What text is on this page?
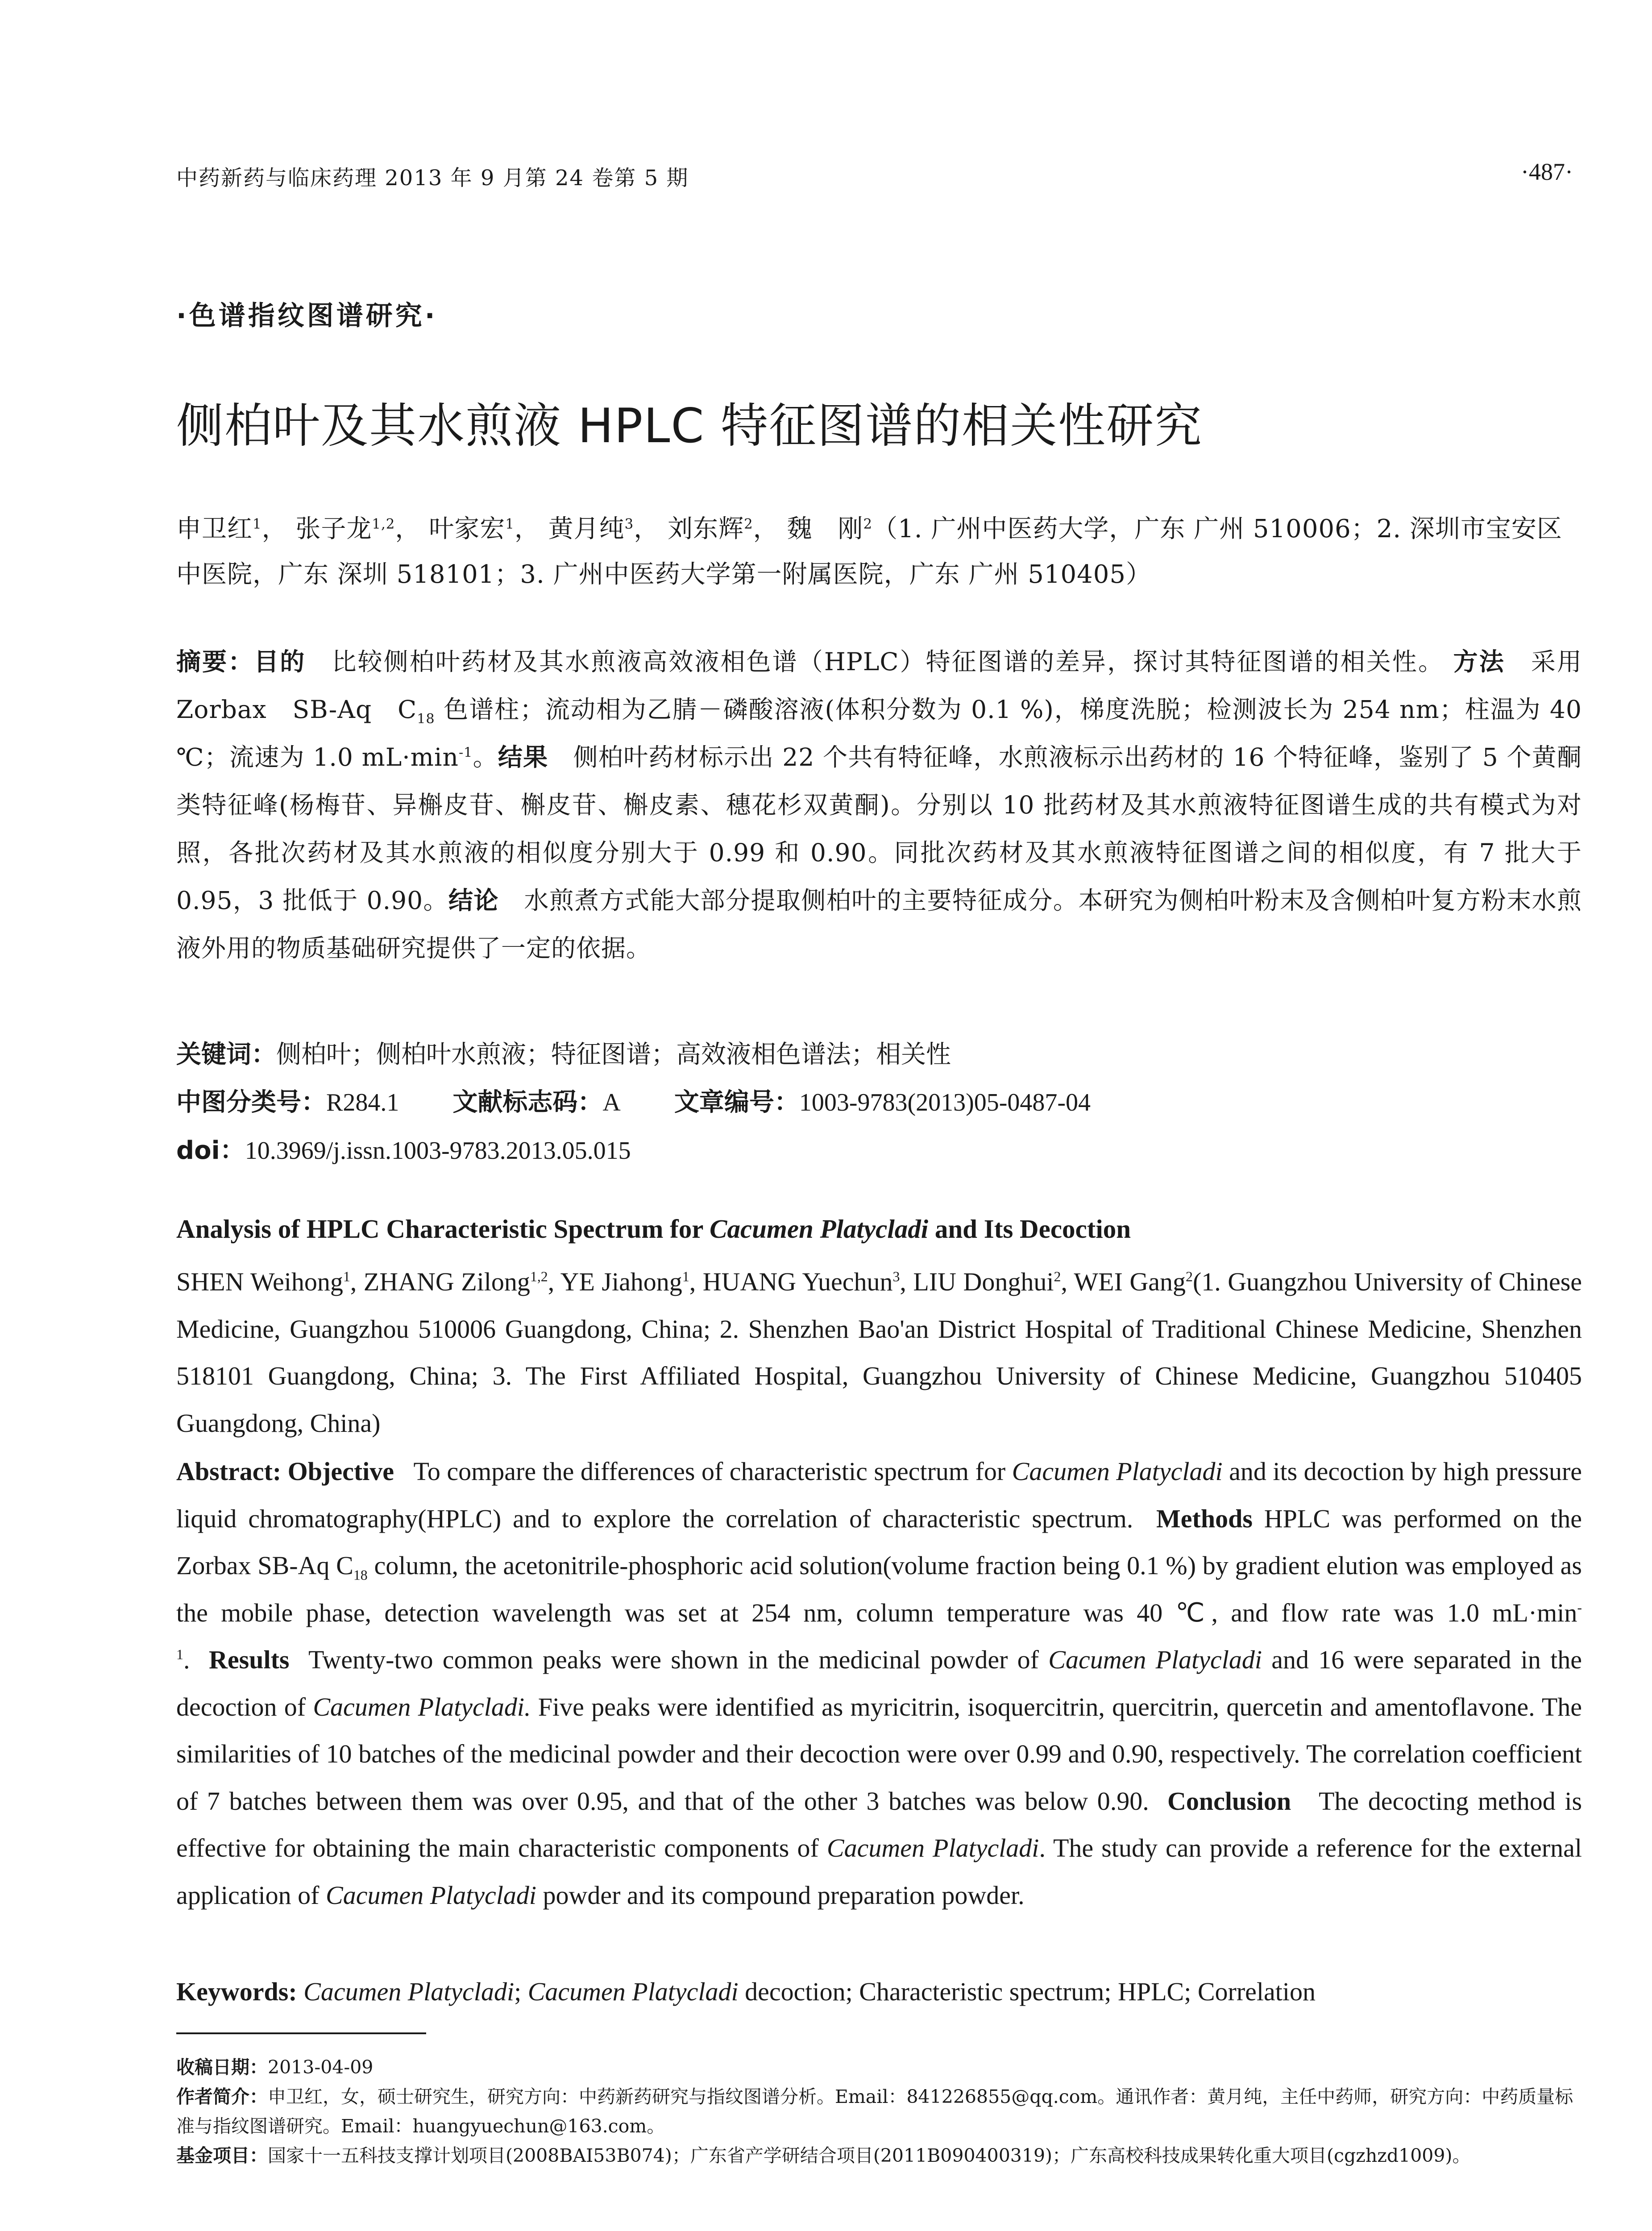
中药新药与临床药理 2013 年 9 月第 24 卷第 5 期	·487·
·色谱指纹图谱研究·
侧柏叶及其水煎液 HPLC 特征图谱的相关性研究
申卫红$^1$， 张子龙$^{1,2}$， 叶家宏$^1$， 黄月纯$^3$， 刘东辉$^2$， 魏　刚$^2$（1. 广州中医药大学，广东 广州 510006；2. 深圳市宝安区中医院，广东 深圳 518101；3. 广州中医药大学第一附属医院，广东 广州 510405）
摘要：目的　 比较侧柏叶药材及其水煎液高效液相色谱（HPLC）特征图谱的差异，探讨其特征图谱的相关性。 方法　 采用 Zorbax　SB-Aq　$C_{18}$ 色谱柱；流动相为乙腈－磷酸溶液(体积分数为 0.1 %)，梯度洗脱；检测波长为 254 nm；柱温为 40 ℃；流速为 1.0 $mL\cdot\min^{-1}$。结果　 侧柏叶药材标示出 22 个共有特征峰，水煎液标示出药材的 16 个特征峰，鉴别了 5 个黄酮类特征峰(杨梅苷、异槲皮苷、槲皮苷、槲皮素、穗花杉双黄酮)。分别以 10 批药材及其水煎液特征图谱生成的共有模式为对照，各批次药材及其水煎液的相似度分别大于 0.99 和 0.90。同批次药材及其水煎液特征图谱之间的相似度，有 7 批大于 0.95，3 批低于 0.90。结论　 水煎煮方式能大部分提取侧柏叶的主要特征成分。本研究为侧柏叶粉末及含侧柏叶复方粉末水煎液外用的物质基础研究提供了一定的依据。
关键词：侧柏叶；侧柏叶水煎液；特征图谱；高效液相色谱法；相关性
中图分类号：R284.1 文献标志码：A 文章编号：1003-9783(2013)05-0487-04
doi：10.3969/j.issn.1003-9783.2013.05.015
Analysis of HPLC Characteristic Spectrum for Cacumen Platycladi and Its Decoction
SHEN Weihong$^1$, ZHANG Zilong$^{1,2}$, YE Jiahong$^1$, HUANG Yuechun$^3$, LIU Donghui$^2$, WEI Gang$^2$(1. Guangzhou University of Chinese Medicine, Guangzhou 510006 Guangdong, China; 2. Shenzhen Bao'an District Hospital of Traditional Chinese Medicine, Shenzhen 518101 Guangdong, China; 3. The First Affiliated Hospital, Guangzhou University of Chinese Medicine, Guangzhou 510405 Guangdong, China)
Abstract: Objective To compare the differences of characteristic spectrum for Cacumen Platycladi and its decoction by high pressure liquid chromatography(HPLC) and to explore the correlation of characteristic spectrum. Methods HPLC was performed on the Zorbax SB-Aq $C_{18}$ column, the acetonitrile-phosphoric acid solution(volume fraction being 0.1 %) by gradient elution was employed as the mobile phase, detection wavelength was set at 254 nm, column temperature was 40 ℃, and flow rate was 1.0 $mL\cdot\min^{-1}$. Results Twenty-two common peaks were shown in the medicinal powder of Cacumen Platycladi and 16 were separated in the decoction of Cacumen Platycladi. Five peaks were identified as myricitrin, isoquercitrin, quercitrin, quercetin and amentoflavone. The similarities of 10 batches of the medicinal powder and their decoction were over 0.99 and 0.90, respectively. The correlation coefficient of 7 batches between them was over 0.95, and that of the other 3 batches was below 0.90. Conclusion The decocting method is effective for obtaining the main characteristic components of Cacumen Platycladi. The study can provide a reference for the external application of Cacumen Platycladi powder and its compound preparation powder.
Keywords: Cacumen Platycladi; Cacumen Platycladi decoction; Characteristic spectrum; HPLC; Correlation
收稿日期：2013-04-09
作者简介：申卫红，女，硕士研究生，研究方向：中药新药研究与指纹图谱分析。Email：841226855@qq.com。通讯作者：黄月纯，主任中药师，研究方向：中药质量标准与指纹图谱研究。Email：huangyuechun@163.com。
基金项目：国家十一五科技支撑计划项目(2008BAI53B074)；广东省产学研结合项目(2011B090400319)；广东高校科技成果转化重大项目(cgzhzd1009)。
